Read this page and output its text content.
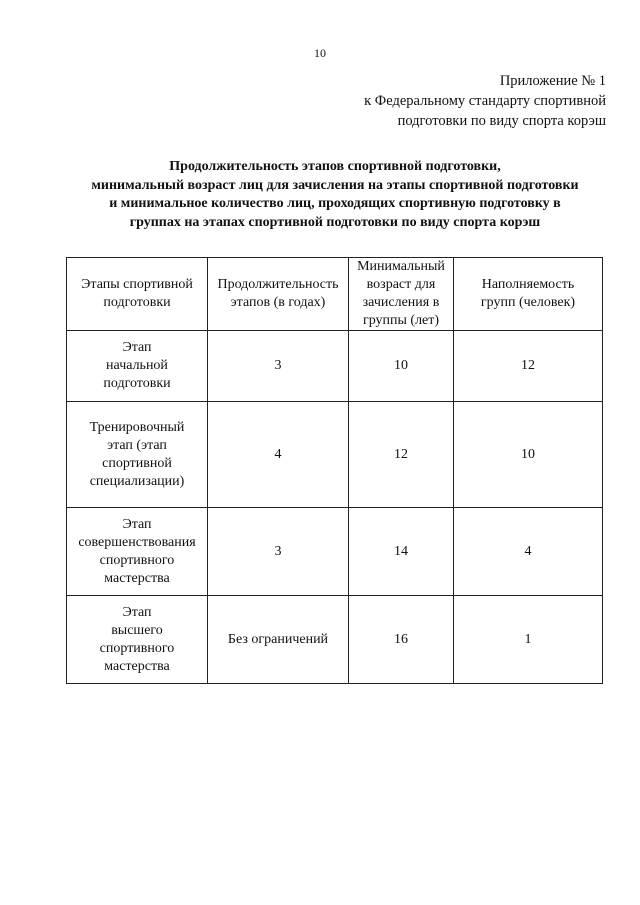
10
Приложение № 1
к Федеральному стандарту спортивной
подготовки по виду спорта корэш
Продолжительность этапов спортивной подготовки,
минимальный возраст лиц для зачисления на этапы спортивной подготовки
и минимальное количество лиц, проходящих спортивную подготовку в
группах на этапах спортивной подготовки по виду спорта корэш
Этапы спортивной
подготовки	Продолжительность
этапов (в годах)	Минимальный
возраст для
зачисления в
группы (лет)	Наполняемость
групп (человек)
Этап
начальной
подготовки	3	10	12
Тренировочный
этап (этап
спортивной
специализации)	4	12	10
Этап
совершенствования
спортивного
мастерства	3	14	4
Этап
высшего
спортивного
мастерства	Без ограничений	16	1
